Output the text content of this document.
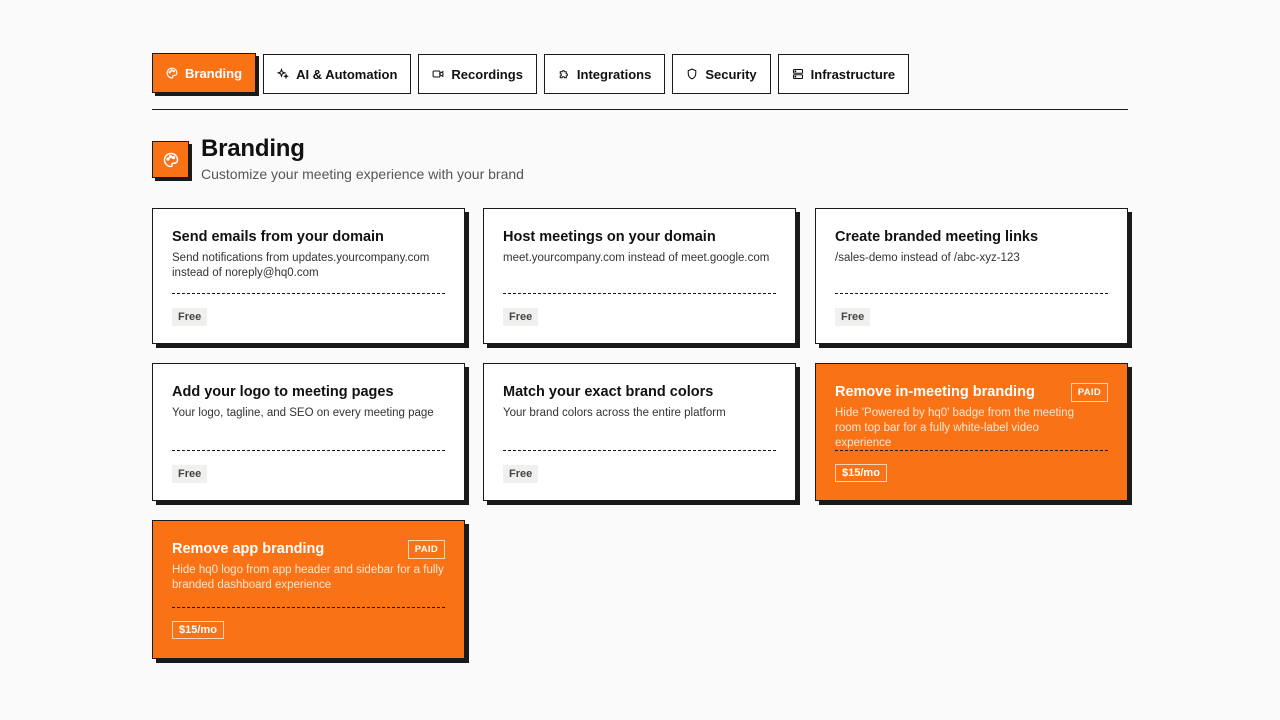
Branding	AI & Automation	Recordings	Integrations	Security	Infrastructure
Branding
Customize your meeting experience with your brand
Send emails from your domain
Send notifications from updates.yourcompany.com instead of noreply@hq0.com
Free
Host meetings on your domain
meet.yourcompany.com instead of meet.google.com
Free
Create branded meeting links
/sales-demo instead of /abc-xyz-123
Free
Add your logo to meeting pages
Your logo, tagline, and SEO on every meeting page
Free
Match your exact brand colors
Your brand colors across the entire platform
Free
Remove in-meeting branding	PAID
Hide 'Powered by hq0' badge from the meeting room top bar for a fully white-label video experience
$15/mo
Remove app branding	PAID
Hide hq0 logo from app header and sidebar for a fully branded dashboard experience
$15/mo
